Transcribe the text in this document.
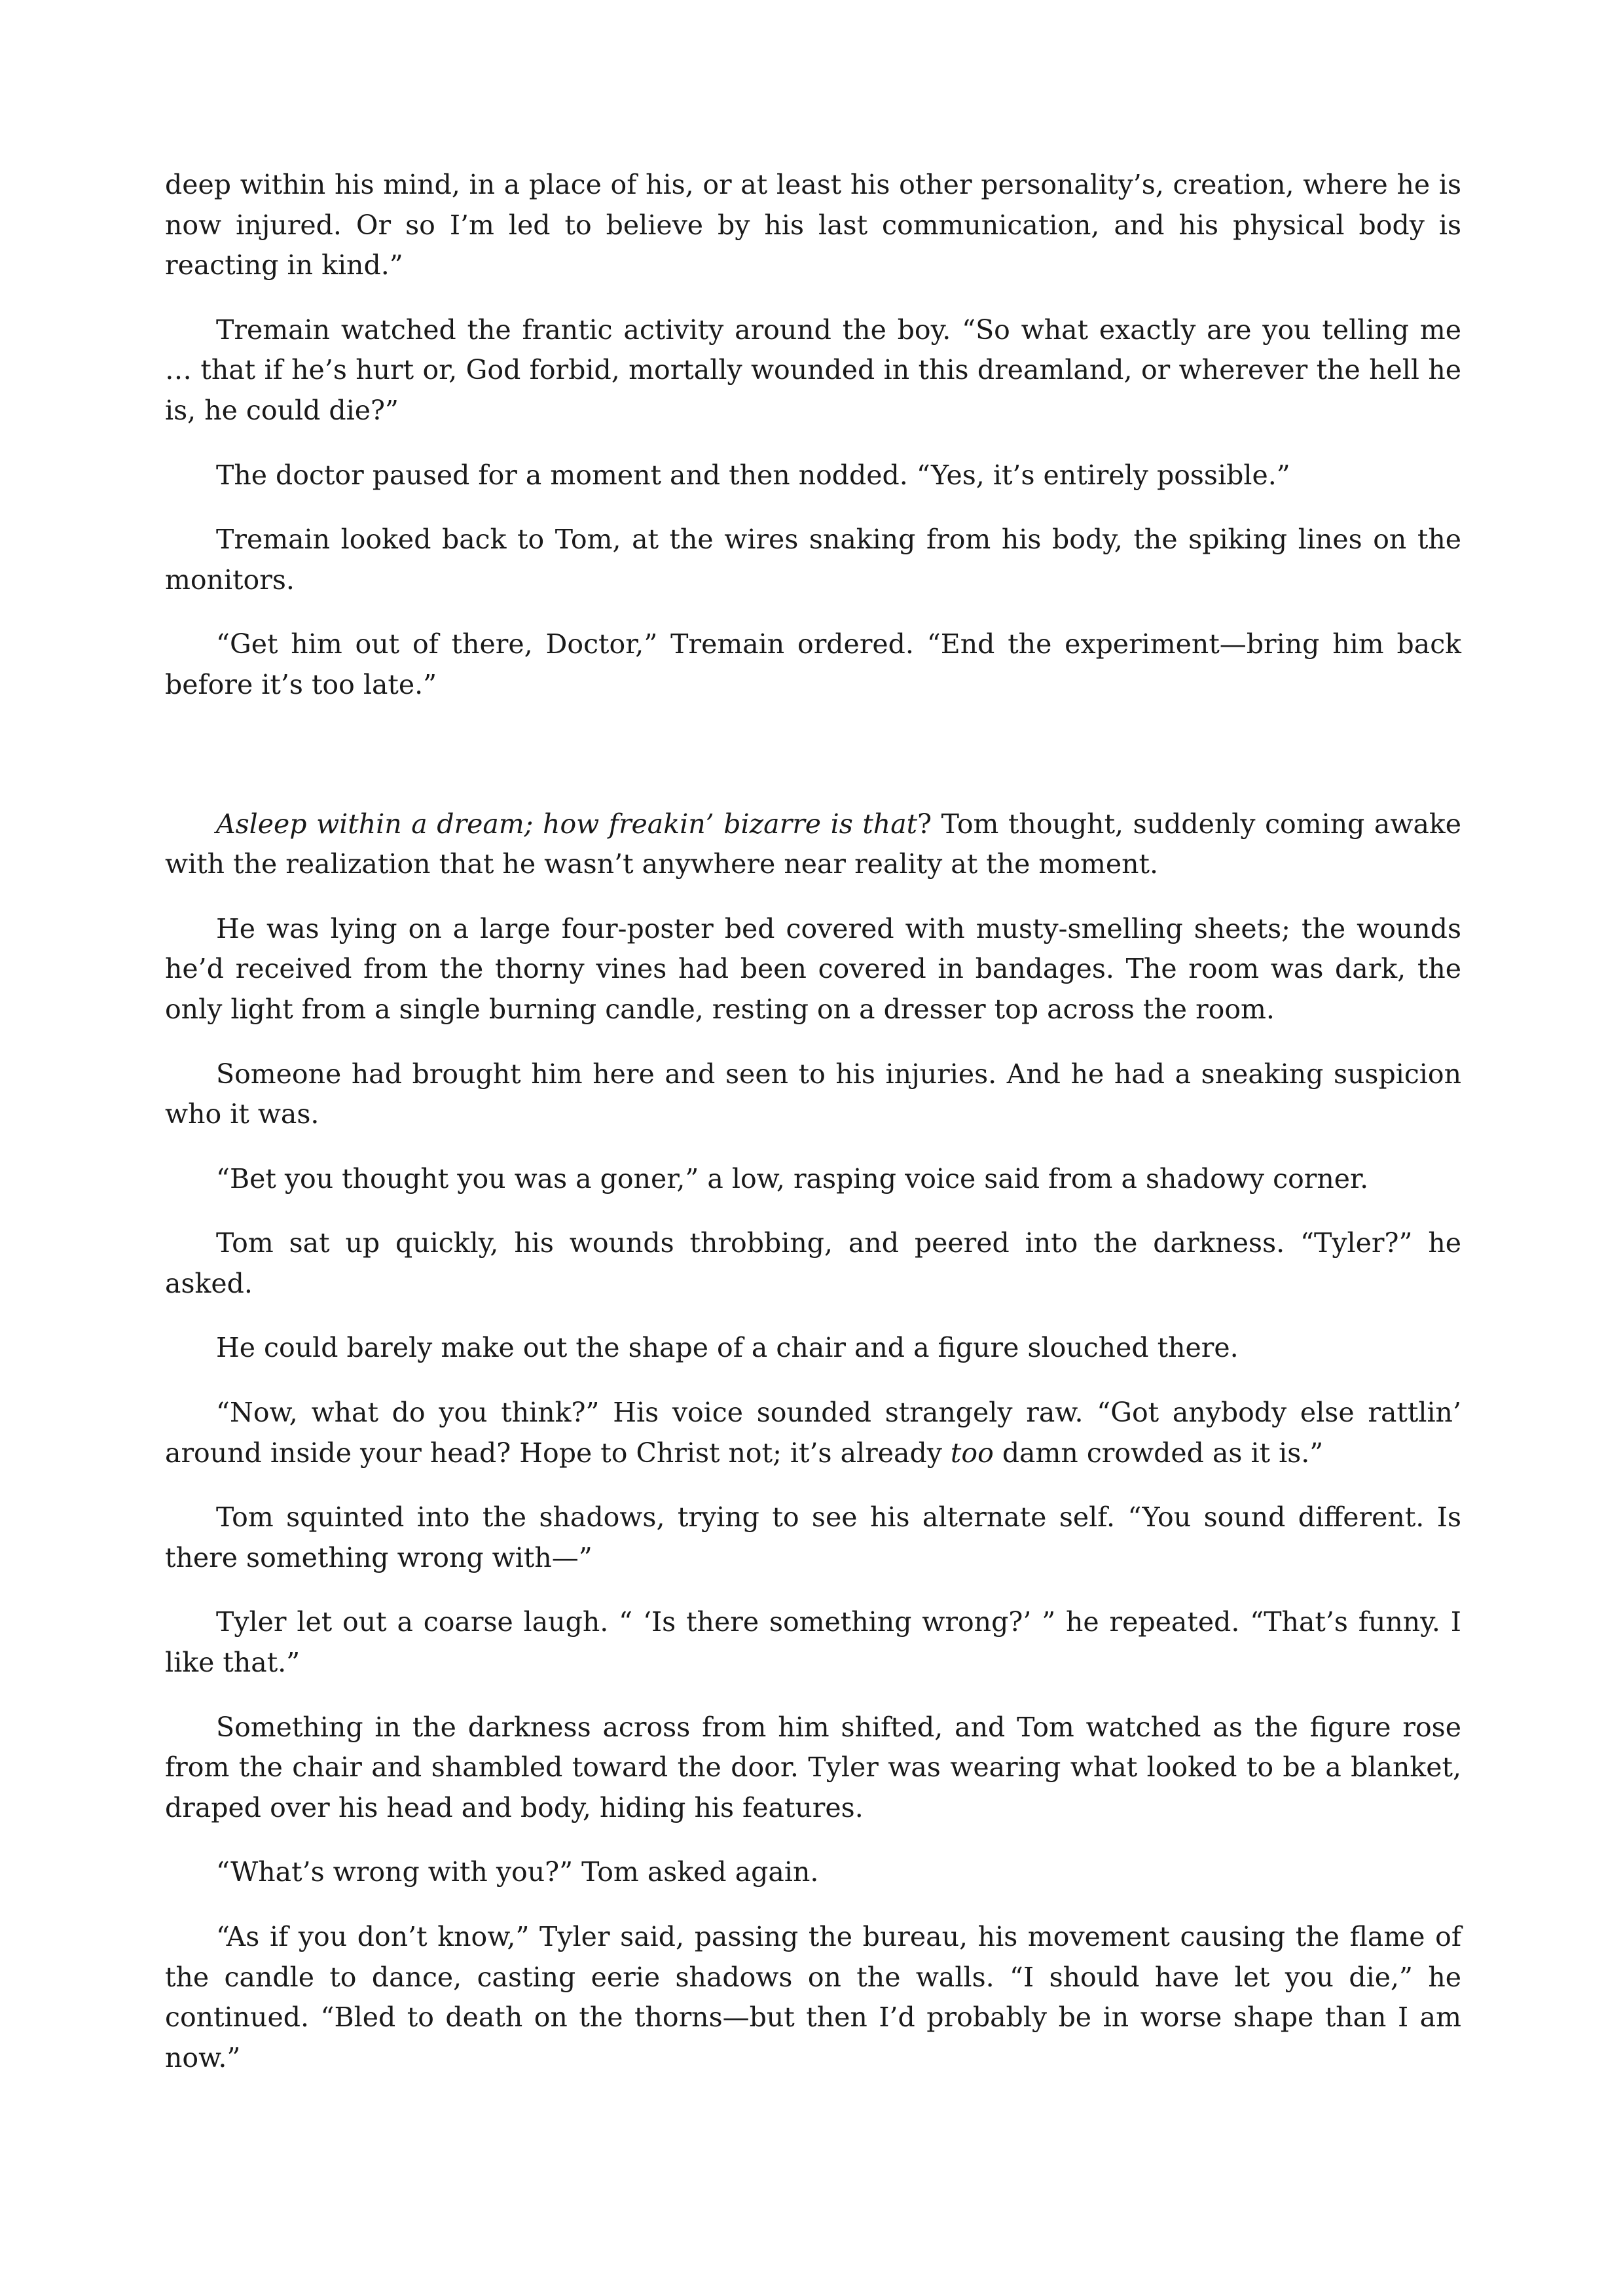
deep within his mind, in a place of his, or at least his other personality’s, creation, where he is now injured. Or so I’m led to believe by his last communication, and his physical body is reacting in kind.”

Tremain watched the frantic activity around the boy. “So what exactly are you telling me … that if he’s hurt or, God forbid, mortally wounded in this dreamland, or wherever the hell he is, he could die?”

The doctor paused for a moment and then nodded. “Yes, it’s entirely possible.”

Tremain looked back to Tom, at the wires snaking from his body, the spiking lines on the monitors.

“Get him out of there, Doctor,” Tremain ordered. “End the experiment—bring him back before it’s too late.”

Asleep within a dream; how freakin’ bizarre is that? Tom thought, suddenly coming awake with the realization that he wasn’t anywhere near reality at the moment.

He was lying on a large four-poster bed covered with musty-smelling sheets; the wounds he’d received from the thorny vines had been covered in bandages. The room was dark, the only light from a single burning candle, resting on a dresser top across the room.

Someone had brought him here and seen to his injuries. And he had a sneaking suspicion who it was.

“Bet you thought you was a goner,” a low, rasping voice said from a shadowy corner.

Tom sat up quickly, his wounds throbbing, and peered into the darkness. “Tyler?” he asked.

He could barely make out the shape of a chair and a figure slouched there.

“Now, what do you think?” His voice sounded strangely raw. “Got anybody else rattlin’ around inside your head? Hope to Christ not; it’s already too damn crowded as it is.”

Tom squinted into the shadows, trying to see his alternate self. “You sound different. Is there something wrong with—”

Tyler let out a coarse laugh. “ ‘Is there something wrong?’ ” he repeated. “That’s funny. I like that.”

Something in the darkness across from him shifted, and Tom watched as the figure rose from the chair and shambled toward the door. Tyler was wearing what looked to be a blanket, draped over his head and body, hiding his features.

“What’s wrong with you?” Tom asked again.

“As if you don’t know,” Tyler said, passing the bureau, his movement causing the flame of the candle to dance, casting eerie shadows on the walls. “I should have let you die,” he continued. “Bled to death on the thorns—but then I’d probably be in worse shape than I am now.”
